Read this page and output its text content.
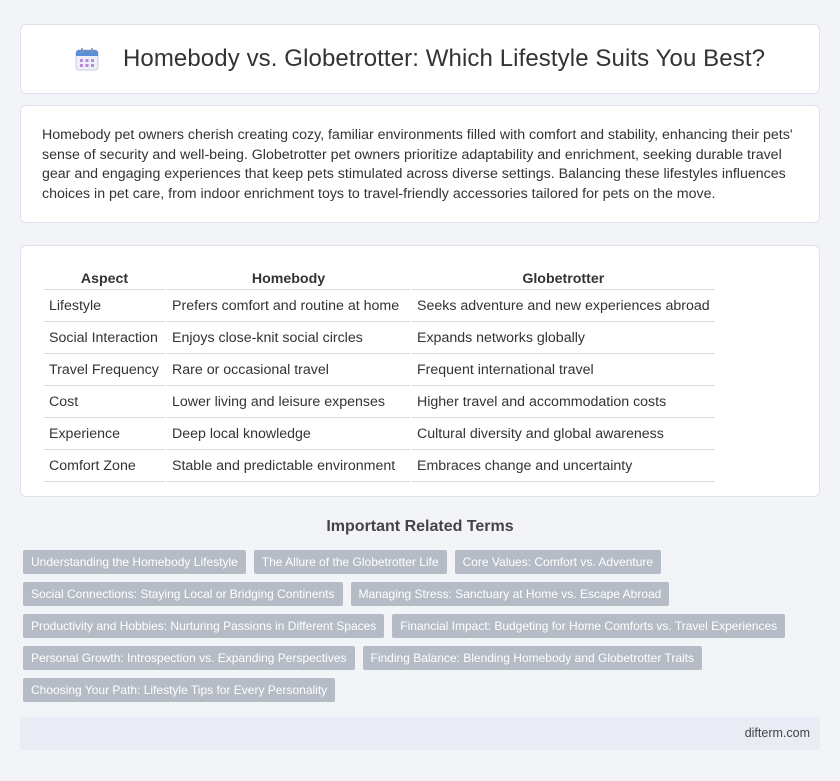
Homebody vs. Globetrotter: Which Lifestyle Suits You Best?

Homebody pet owners cherish creating cozy, familiar environments filled with comfort and stability, enhancing their pets' sense of security and well-being. Globetrotter pet owners prioritize adaptability and enrichment, seeking durable travel gear and engaging experiences that keep pets stimulated across diverse settings. Balancing these lifestyles influences choices in pet care, from indoor enrichment toys to travel-friendly accessories tailored for pets on the move.

Aspect	Homebody	Globetrotter
Lifestyle	Prefers comfort and routine at home	Seeks adventure and new experiences abroad
Social Interaction	Enjoys close-knit social circles	Expands networks globally
Travel Frequency	Rare or occasional travel	Frequent international travel
Cost	Lower living and leisure expenses	Higher travel and accommodation costs
Experience	Deep local knowledge	Cultural diversity and global awareness
Comfort Zone	Stable and predictable environment	Embraces change and uncertainty
Important Related Terms
Understanding the Homebody Lifestyle	The Allure of the Globetrotter Life	Core Values: Comfort vs. Adventure
Social Connections: Staying Local or Bridging Continents	Managing Stress: Sanctuary at Home vs. Escape Abroad
Productivity and Hobbies: Nurturing Passions in Different Spaces	Financial Impact: Budgeting for Home Comforts vs. Travel Experiences
Personal Growth: Introspection vs. Expanding Perspectives	Finding Balance: Blending Homebody and Globetrotter Traits
Choosing Your Path: Lifestyle Tips for Every Personality
difterm.com
